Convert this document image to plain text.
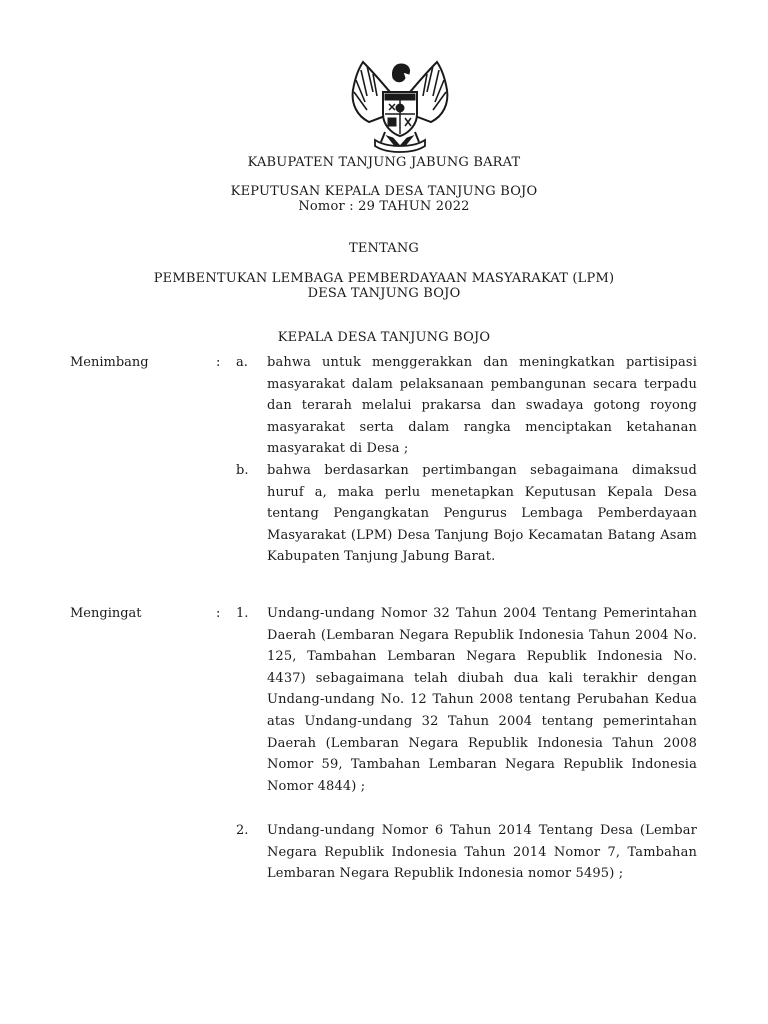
KABUPATEN TANJUNG JABUNG BARAT
KEPUTUSAN KEPALA DESA TANJUNG BOJO
Nomor : 29 TAHUN 2022
TENTANG
PEMBENTUKAN LEMBAGA PEMBERDAYAAN MASYARAKAT (LPM)
DESA TANJUNG BOJO
KEPALA DESA TANJUNG BOJO
Menimbang	: a. bahwa untuk menggerakkan dan meningkatkan partisipasi masyarakat dalam pelaksanaan pembangunan secara terpadu dan terarah melalui prakarsa dan swadaya gotong royong masyarakat serta dalam rangka menciptakan ketahanan masyarakat di Desa ;
b. bahwa berdasarkan pertimbangan sebagaimana dimaksud huruf a, maka perlu menetapkan Keputusan Kepala Desa tentang Pengangkatan Pengurus Lembaga Pemberdayaan Masyarakat (LPM) Desa Tanjung Bojo Kecamatan Batang Asam Kabupaten Tanjung Jabung Barat.
Mengingat	: 1. Undang-undang Nomor 32 Tahun 2004 Tentang Pemerintahan Daerah (Lembaran Negara Republik Indonesia Tahun 2004 No. 125, Tambahan Lembaran Negara Republik Indonesia No. 4437) sebagaimana telah diubah dua kali terakhir dengan Undang-undang No. 12 Tahun 2008 tentang Perubahan Kedua atas Undang-undang 32 Tahun 2004 tentang pemerintahan Daerah (Lembaran Negara Republik Indonesia Tahun 2008 Nomor 59, Tambahan Lembaran Negara Republik Indonesia Nomor 4844) ;
2. Undang-undang Nomor 6 Tahun 2014 Tentang Desa (Lembar Negara Republik Indonesia Tahun 2014 Nomor 7, Tambahan Lembaran Negara Republik Indonesia nomor 5495) ;
